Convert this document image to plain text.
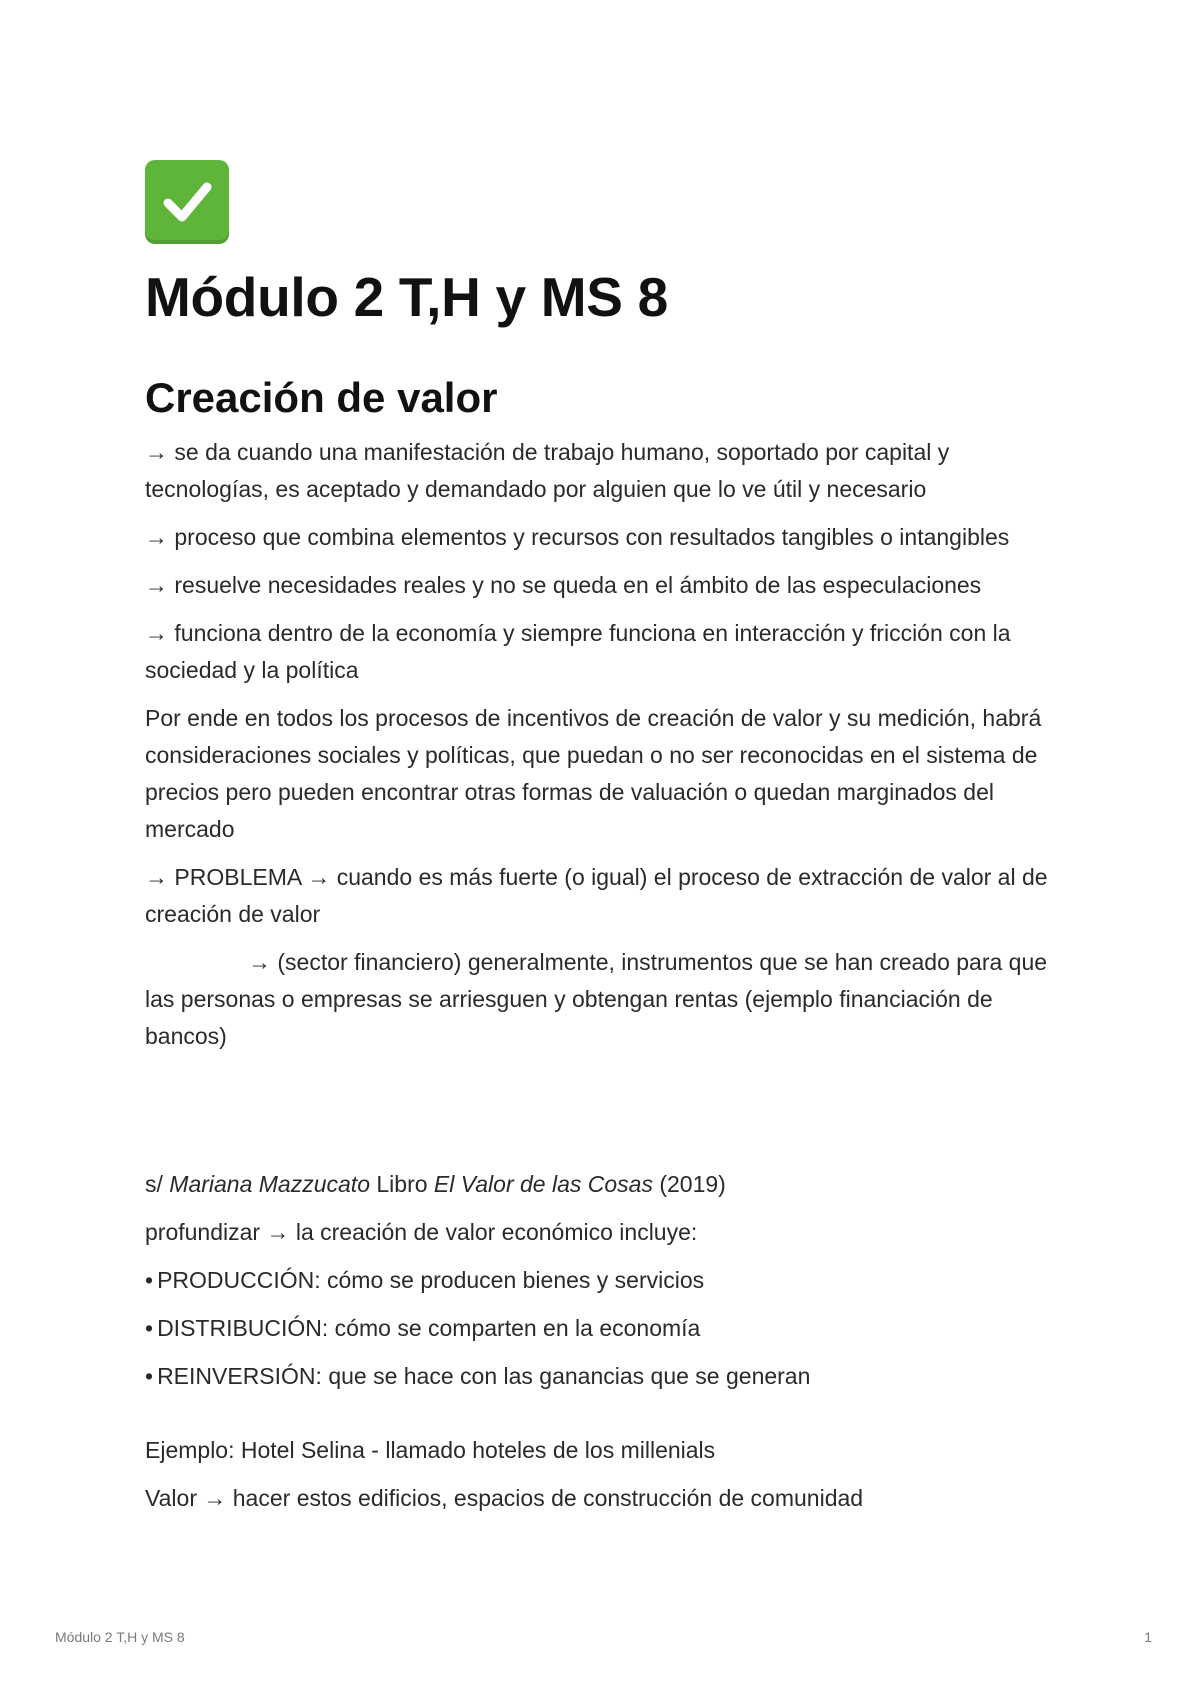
Módulo 2 T,H y MS 8
Creación de valor

→ se da cuando una manifestación de trabajo humano, soportado por capital y tecnologías, es aceptado y demandado por alguien que lo ve útil y necesario

→ proceso que combina elementos y recursos con resultados tangibles o intangibles

→ resuelve necesidades reales y no se queda en el ámbito de las especulaciones

→ funciona dentro de la economía y siempre funciona en interacción y fricción con la sociedad y la política

Por ende en todos los procesos de incentivos de creación de valor y su medición, habrá consideraciones sociales y políticas, que puedan o no ser reconocidas en el sistema de precios pero pueden encontrar otras formas de valuación o quedan marginados del mercado

→ PROBLEMA → cuando es más fuerte (o igual) el proceso de extracción de valor al de creación de valor

→ (sector financiero) generalmente, instrumentos que se han creado para que las personas o empresas se arriesguen y obtengan rentas (ejemplo financiación de bancos)

s/ Mariana Mazzucato Libro El Valor de las Cosas (2019)

profundizar → la creación de valor económico incluye:

• PRODUCCIÓN: cómo se producen bienes y servicios

• DISTRIBUCIÓN: cómo se comparten en la economía

• REINVERSIÓN: que se hace con las ganancias que se generan

Ejemplo: Hotel Selina - llamado hoteles de los millenials

Valor → hacer estos edificios, espacios de construcción de comunidad

Módulo 2 T,H y MS 8	1
